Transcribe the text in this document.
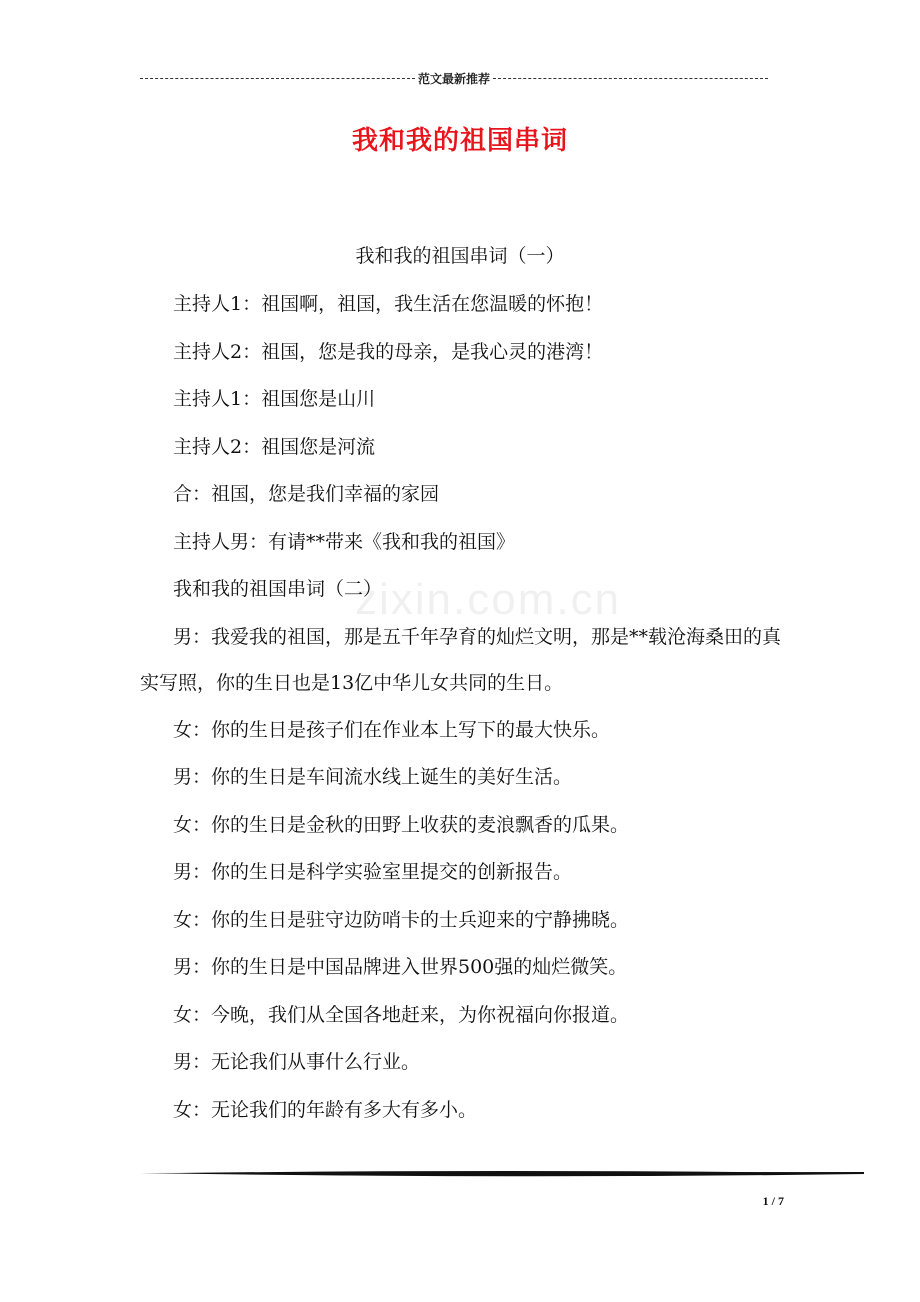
范文最新推荐
我和我的祖国串词
我和我的祖国串词（一）
zixin.com.cn
主持人1：祖国啊，祖国，我生活在您温暖的怀抱！
主持人2：祖国，您是我的母亲，是我心灵的港湾！
主持人1：祖国您是山川
主持人2：祖国您是河流
合：祖国，您是我们幸福的家园
主持人男：有请**带来《我和我的祖国》
我和我的祖国串词（二）
男：我爱我的祖国，那是五千年孕育的灿烂文明，那是**载沧海桑田的真实写照，你的生日也是13亿中华儿女共同的生日。
女：你的生日是孩子们在作业本上写下的最大快乐。
男：你的生日是车间流水线上诞生的美好生活。
女：你的生日是金秋的田野上收获的麦浪飘香的瓜果。
男：你的生日是科学实验室里提交的创新报告。
女：你的生日是驻守边防哨卡的士兵迎来的宁静拂晓。
男：你的生日是中国品牌进入世界500强的灿烂微笑。
女：今晚，我们从全国各地赶来，为你祝福向你报道。
男：无论我们从事什么行业。
女：无论我们的年龄有多大有多小。
1 / 7
